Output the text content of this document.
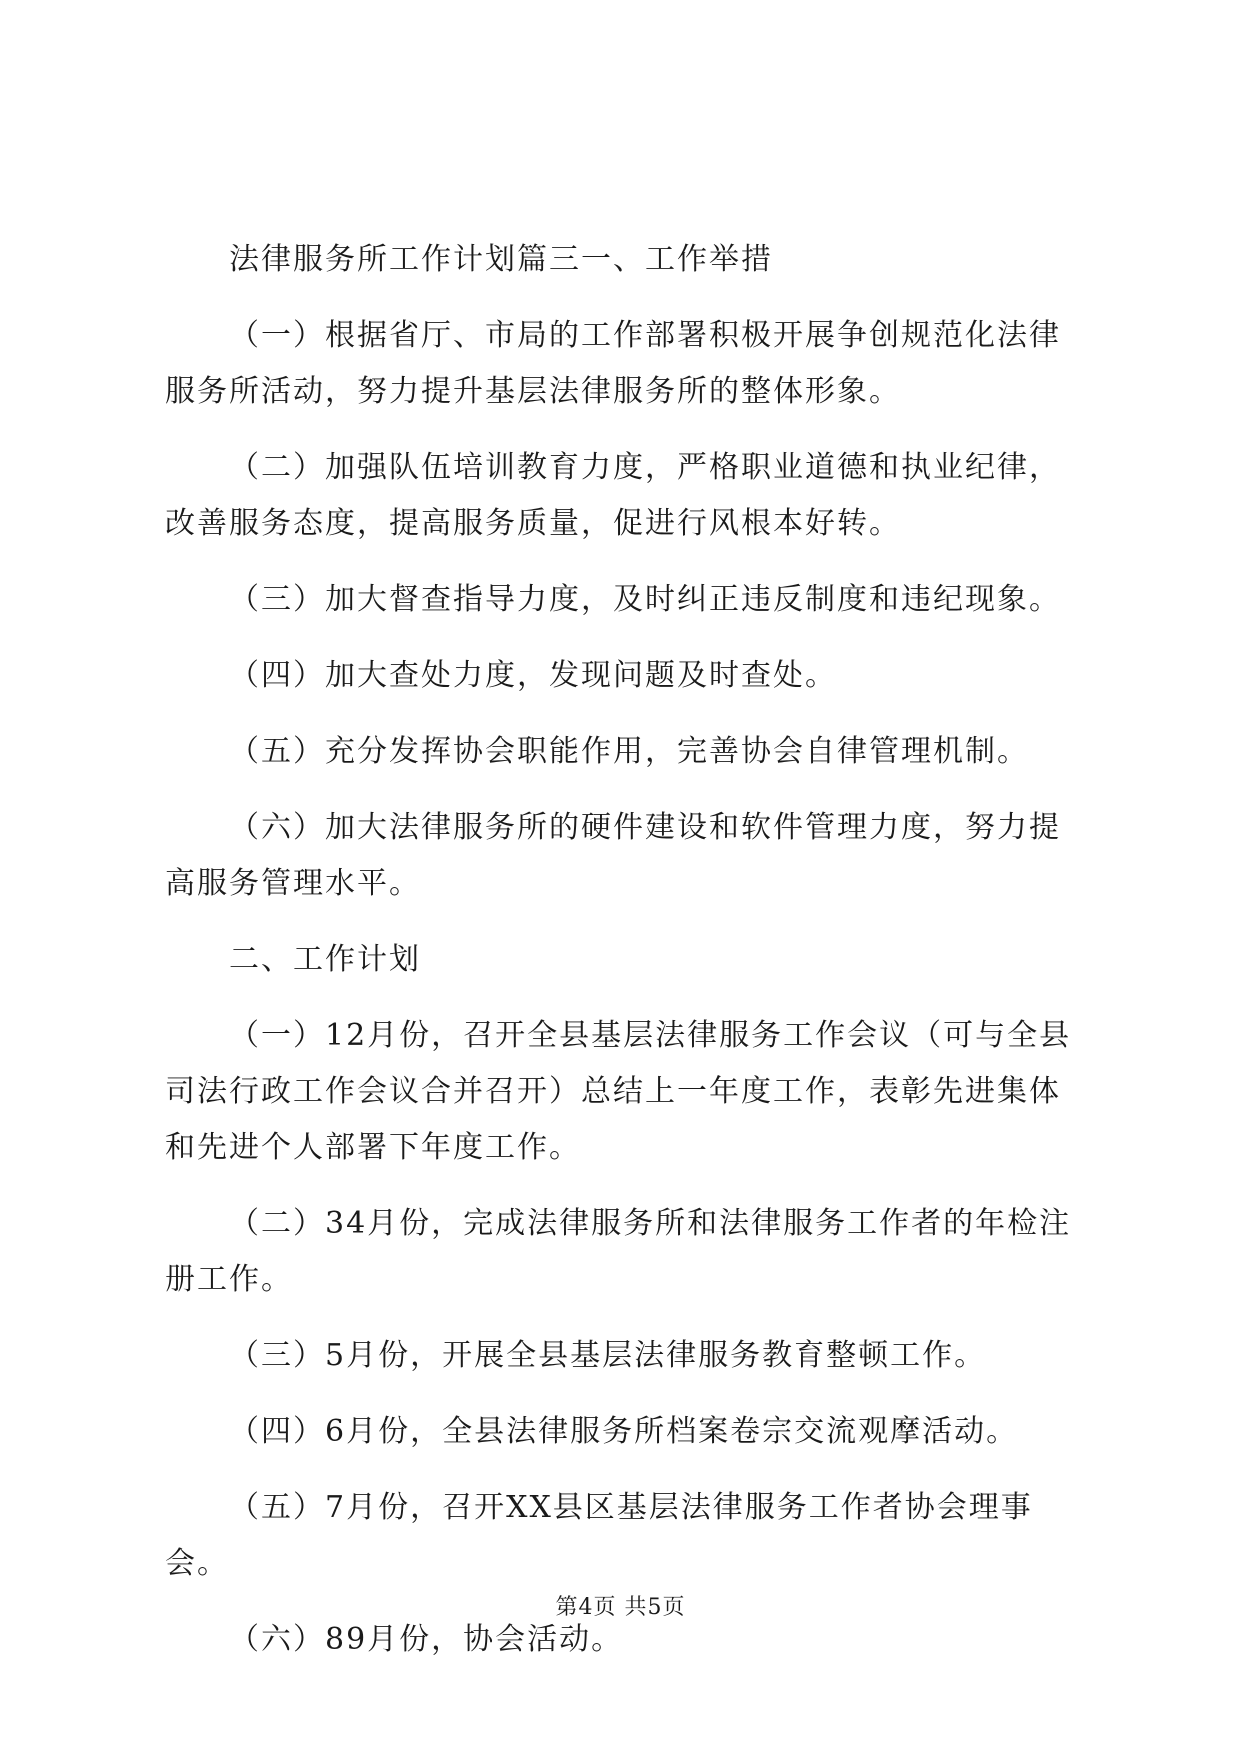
法律服务所工作计划篇三一、工作举措

（一）根据省厅、市局的工作部署积极开展争创规范化法律服务所活动，努力提升基层法律服务所的整体形象。

（二）加强队伍培训教育力度，严格职业道德和执业纪律，改善服务态度，提高服务质量，促进行风根本好转。

（三）加大督查指导力度，及时纠正违反制度和违纪现象。

（四）加大查处力度，发现问题及时查处。

（五）充分发挥协会职能作用，完善协会自律管理机制。

（六）加大法律服务所的硬件建设和软件管理力度，努力提高服务管理水平。

二、工作计划

（一）12月份，召开全县基层法律服务工作会议（可与全县司法行政工作会议合并召开）总结上一年度工作，表彰先进集体和先进个人部署下年度工作。

（二）34月份，完成法律服务所和法律服务工作者的年检注册工作。

（三）5月份，开展全县基层法律服务教育整顿工作。

（四）6月份，全县法律服务所档案卷宗交流观摩活动。

（五）7月份，召开XX县区基层法律服务工作者协会理事会。

（六）89月份，协会活动。

第4页 共5页
